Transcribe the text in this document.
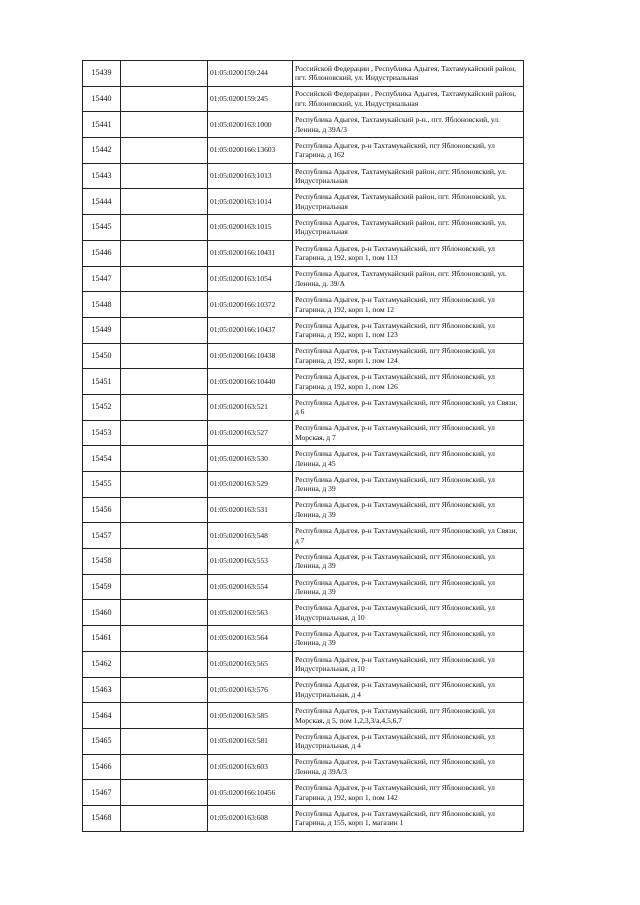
15439		01:05:0200159:244	Российской Федерации , Республика Адыгея, Тахтамукайский район, пгт. Яблоновский, ул. Индустриальная
15440		01:05:0200159:245	Российской Федерации , Республика Адыгея, Тахтамукайский район, пгт. Яблоновский, ул. Индустриальная
15441		01:05:0200163:1000	Республика Адыгея, Тахтамукайский р-н., пгт. Яблоновский, ул. Ленина, д 39А/3
15442		01:05:0200166:13603	Республика Адыгея, р-н Тахтамукайский, пгт Яблоновский, ул Гагарина, д 162
15443		01:05:0200163:1013	Республика Адыгея, Тахтамукайский район, пгт. Яблоновский, ул. Индустриальная
15444		01:05:0200163:1014	Республика Адыгея, Тахтамукайский район, пгт. Яблоновский, ул. Индустриальная
15445		01:05:0200163:1015	Республика Адыгея, Тахтамукайский район, пгт. Яблоновский, ул. Индустриальная
15446		01:05:0200166:10431	Республика Адыгея, р-н Тахтамукайский, пгт Яблоновский, ул Гагарина, д 192, корп 1, пом 113
15447		01:05:0200163:1054	Республика Адыгея, Тахтамукайский район, пгт. Яблоновский, ул. Ленина, д. 39/А
15448		01:05:0200166:10372	Республика Адыгея, р-н Тахтамукайский, пгт Яблоновский, ул Гагарина, д 192, корп 1, пом 12
15449		01:05:0200166:10437	Республика Адыгея, р-н Тахтамукайский, пгт Яблоновский, ул Гагарина, д 192, корп 1, пом 123
15450		01:05:0200166:10438	Республика Адыгея, р-н Тахтамукайский, пгт Яблоновский, ул Гагарина, д 192, корп 1, пом 124
15451		01:05:0200166:10440	Республика Адыгея, р-н Тахтамукайский, пгт Яблоновский, ул Гагарина, д 192, корп 1, пом 126
15452		01:05:0200163:521	Республика Адыгея, р-н Тахтамукайский, пгт Яблоновский, ул Связи, д 6
15453		01:05:0200163:527	Республика Адыгея, р-н Тахтамукайский, пгт Яблоновский, ул Морская, д 7
15454		01:05:0200163:530	Республика Адыгея, р-н Тахтамукайский, пгт Яблоновский, ул Ленина, д 45
15455		01:05:0200163:529	Республика Адыгея, р-н Тахтамукайский, пгт Яблоновский, ул Ленина, д 39
15456		01:05:0200163:531	Республика Адыгея, р-н Тахтамукайский, пгт Яблоновский, ул Ленина, д 39
15457		01:05:0200163:548	Республика Адыгея, р-н Тахтамукайский, пгт Яблоновский, ул Связи, д 7
15458		01:05:0200163:553	Республика Адыгея, р-н Тахтамукайский, пгт Яблоновский, ул Ленина, д 39
15459		01:05:0200163:554	Республика Адыгея, р-н Тахтамукайский, пгт Яблоновский, ул Ленина, д 39
15460		01:05:0200163:563	Республика Адыгея, р-н Тахтамукайский, пгт Яблоновский, ул Индустриальная, д 10
15461		01:05:0200163:564	Республика Адыгея, р-н Тахтамукайский, пгт Яблоновский, ул Ленина, д 39
15462		01:05:0200163:565	Республика Адыгея, р-н Тахтамукайский, пгт Яблоновский, ул Индустриальная, д 10
15463		01:05:0200163:576	Республика Адыгея, р-н Тахтамукайский, пгт Яблоновский, ул Индустриальная, д 4
15464		01:05:0200163:585	Республика Адыгея, р-н Тахтамукайский, пгт Яблоновский, ул Морская, д 5, пом 1,2,3,3/а,4,5,6,7
15465		01:05:0200163:581	Республика Адыгея, р-н Тахтамукайский, пгт Яблоновский, ул Индустриальная, д 4
15466		01:05:0200163:603	Республика Адыгея, р-н Тахтамукайский, пгт Яблоновский, ул Ленина, д 39А/3
15467		01:05:0200166:10456	Республика Адыгея, р-н Тахтамукайский, пгт Яблоновский, ул Гагарина, д 192, корп 1, пом 142
15468		01:05:0200163:608	Республика Адыгея, р-н Тахтамукайский, пгт Яблоновский, ул Гагарина, д 155, корп 1, магазин 1
